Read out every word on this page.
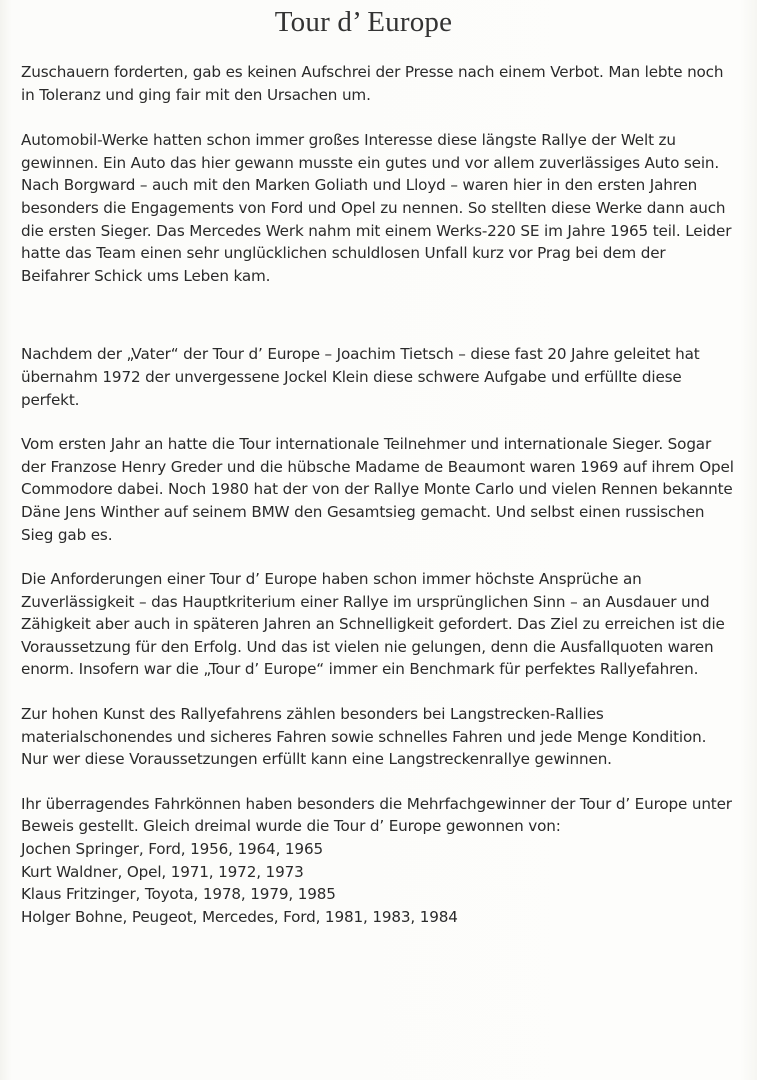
Tour d’ Europe

Zuschauern forderten, gab es keinen Aufschrei der Presse nach einem Verbot. Man lebte noch in Toleranz und ging fair mit den Ursachen um.

Automobil-Werke hatten schon immer großes Interesse diese längste Rallye der Welt zu gewinnen. Ein Auto das hier gewann musste ein gutes und vor allem zuverlässiges Auto sein. Nach Borgward – auch mit den Marken Goliath und Lloyd – waren hier in den ersten Jahren besonders die Engagements von Ford und Opel zu nennen. So stellten diese Werke dann auch die ersten Sieger. Das Mercedes Werk nahm mit einem Werks-220 SE im Jahre 1965 teil. Leider hatte das Team einen sehr unglücklichen schuldlosen Unfall kurz vor Prag bei dem der Beifahrer Schick ums Leben kam.

Nachdem der „Vater“ der Tour d’ Europe – Joachim Tietsch – diese fast 20 Jahre geleitet hat übernahm 1972 der unvergessene Jockel Klein diese schwere Aufgabe und erfüllte diese perfekt.

Vom ersten Jahr an hatte die Tour internationale Teilnehmer und internationale Sieger. Sogar der Franzose Henry Greder und die hübsche Madame de Beaumont waren 1969 auf ihrem Opel Commodore dabei. Noch 1980 hat der von der Rallye Monte Carlo und vielen Rennen bekannte Däne Jens Winther auf seinem BMW den Gesamtsieg gemacht. Und selbst einen russischen Sieg gab es.

Die Anforderungen einer Tour d’ Europe haben schon immer höchste Ansprüche an Zuverlässigkeit – das Hauptkriterium einer Rallye im ursprünglichen Sinn – an Ausdauer und Zähigkeit aber auch in späteren Jahren an Schnelligkeit gefordert. Das Ziel zu erreichen ist die Voraussetzung für den Erfolg. Und das ist vielen nie gelungen, denn die Ausfallquoten waren enorm. Insofern war die „Tour d’ Europe“ immer ein Benchmark für perfektes Rallyefahren.

Zur hohen Kunst des Rallyefahrens zählen besonders bei Langstrecken-Rallies materialschonendes und sicheres Fahren sowie schnelles Fahren und jede Menge Kondition. Nur wer diese Voraussetzungen erfüllt kann eine Langstreckenrallye gewinnen.

Ihr überragendes Fahrkönnen haben besonders die Mehrfachgewinner der Tour d’ Europe unter Beweis gestellt. Gleich dreimal wurde die Tour d’ Europe gewonnen von:

Jochen Springer, Ford, 1956, 1964, 1965
Kurt Waldner, Opel, 1971, 1972, 1973
Klaus Fritzinger, Toyota, 1978, 1979, 1985
Holger Bohne, Peugeot, Mercedes, Ford, 1981, 1983, 1984
